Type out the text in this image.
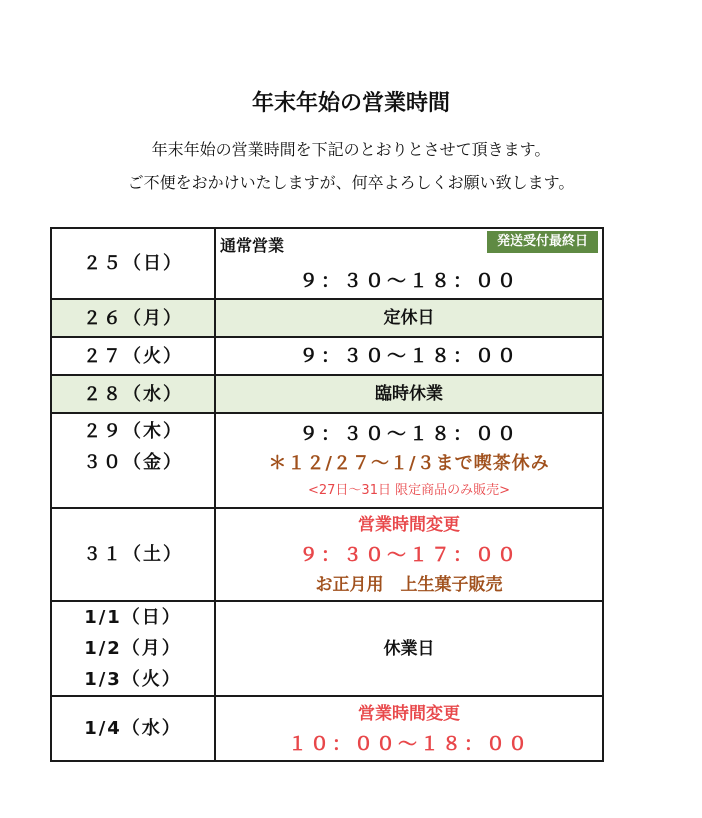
年末年始の営業時間
年末年始の営業時間を下記のとおりとさせて頂きます。
ご不便をおかけいたしますが、何卒よろしくお願い致します。
２５（日）	通常営業 発送受付最終日
９：３０～１８：００

２６（月）	定休日

２７（火）	９：３０～１８：００

２８（水）	臨時休業

２９（木）
３０（金）	９：３０～１８：００
＊１２/２７～１/３まで喫茶休み
<27日～31日 限定商品のみ販売>

３１（土）	営業時間変更
９：３０～１７：００
お正月用　上生菓子販売

1/1（日）
1/2（月）
1/3（火）	休業日

1/4（水）	営業時間変更
１０：００～１８：００
